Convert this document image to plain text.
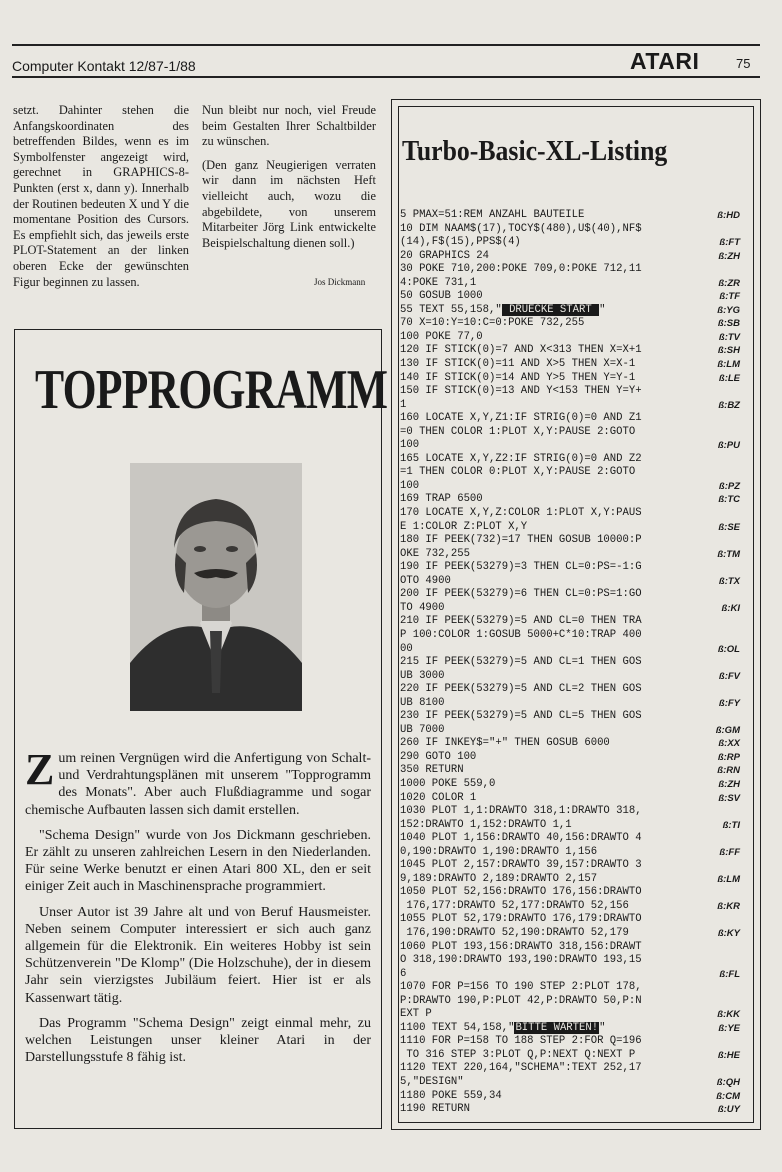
Computer Kontakt 12/87-1/88	ATARI	75

setzt. Dahinter stehen die Anfangskoordinaten des betreffenden Bildes, wenn es im Symbolfenster angezeigt wird, gerechnet in GRAPHICS-8-Punkten (erst x, dann y). Innerhalb der Routinen bedeuten X und Y die momentane Position des Cursors. Es empfiehlt sich, das jeweils erste PLOT-Statement an der linken oberen Ecke der gewünschten Figur beginnen zu lassen.

Nun bleibt nur noch, viel Freude beim Gestalten Ihrer Schaltbilder zu wünschen.

(Den ganz Neugierigen verraten wir dann im nächsten Heft vielleicht auch, wozu die abgebildete, von unserem Mitarbeiter Jörg Link entwickelte Beispielschaltung dienen soll.)

Jos Dickmann
TOPPROGRAMM

Zum reinen Vergnügen wird die Anfertigung von Schalt- und Verdrahtungsplänen mit unserem "Topprogramm des Monats". Aber auch Flußdiagramme und sogar chemische Aufbauten lassen sich damit erstellen.

"Schema Design" wurde von Jos Dickmann geschrieben. Er zählt zu unseren zahlreichen Lesern in den Niederlanden. Für seine Werke benutzt er einen Atari 800 XL, den er seit einiger Zeit auch in Maschinensprache programmiert.

Unser Autor ist 39 Jahre alt und von Beruf Hausmeister. Neben seinem Computer interessiert er sich auch ganz allgemein für die Elektronik. Ein weiteres Hobby ist sein Schützenverein "De Klomp" (Die Holzschuhe), der in diesem Jahr sein vierzigstes Jubiläum feiert. Hier ist er als Kassenwart tätig.

Das Programm "Schema Design" zeigt einmal mehr, zu welchen Leistungen unser kleiner Atari in der Darstellungsstufe 8 fähig ist.

Turbo-Basic-XL-Listing
5 PMAX=51:REM ANZAHL BAUTEILE	ß:HD
10 DIM NAAM$(17),TOCY$(480),U$(40),NF$
(14),F$(15),PPS$(4)	ß:FT
20 GRAPHICS 24	ß:ZH
30 POKE 710,200:POKE 709,0:POKE 712,11
4:POKE 731,1	ß:ZR
50 GOSUB 1000	ß:TF
55 TEXT 55,158," DRUECKE START "	ß:YG
70 X=10:Y=10:C=0:POKE 732,255	ß:SB
100 POKE 77,0	ß:TV
120 IF STICK(0)=7 AND X<313 THEN X=X+1	ß:SH
130 IF STICK(0)=11 AND X>5 THEN X=X-1	ß:LM
140 IF STICK(0)=14 AND Y>5 THEN Y=Y-1	ß:LE
150 IF STICK(0)=13 AND Y<153 THEN Y=Y+
1	ß:BZ
160 LOCATE X,Y,Z1:IF STRIG(0)=0 AND Z1
=0 THEN COLOR 1:PLOT X,Y:PAUSE 2:GOTO
100	ß:PU
165 LOCATE X,Y,Z2:IF STRIG(0)=0 AND Z2
=1 THEN COLOR 0:PLOT X,Y:PAUSE 2:GOTO
100	ß:PZ
169 TRAP 6500	ß:TC
170 LOCATE X,Y,Z:COLOR 1:PLOT X,Y:PAUS
E 1:COLOR Z:PLOT X,Y	ß:SE
180 IF PEEK(732)=17 THEN GOSUB 10000:P
OKE 732,255	ß:TM
190 IF PEEK(53279)=3 THEN CL=0:PS=-1:G
OTO 4900	ß:TX
200 IF PEEK(53279)=6 THEN CL=0:PS=1:GO
TO 4900	ß:KI
210 IF PEEK(53279)=5 AND CL=0 THEN TRA
P 100:COLOR 1:GOSUB 5000+C*10:TRAP 400
00	ß:OL
215 IF PEEK(53279)=5 AND CL=1 THEN GOS
UB 3000	ß:FV
220 IF PEEK(53279)=5 AND CL=2 THEN GOS
UB 8100	ß:FY
230 IF PEEK(53279)=5 AND CL=5 THEN GOS
UB 7000	ß:GM
260 IF INKEY$="+" THEN GOSUB 6000	ß:XX
290 GOTO 100	ß:RP
350 RETURN	ß:RN
1000 POKE 559,0	ß:ZH
1020 COLOR 1	ß:SV
1030 PLOT 1,1:DRAWTO 318,1:DRAWTO 318,
152:DRAWTO 1,152:DRAWTO 1,1	ß:TI
1040 PLOT 1,156:DRAWTO 40,156:DRAWTO 4
0,190:DRAWTO 1,190:DRAWTO 1,156	ß:FF
1045 PLOT 2,157:DRAWTO 39,157:DRAWTO 3
9,189:DRAWTO 2,189:DRAWTO 2,157	ß:LM
1050 PLOT 52,156:DRAWTO 176,156:DRAWTO
176,177:DRAWTO 52,177:DRAWTO 52,156	ß:KR
1055 PLOT 52,179:DRAWTO 176,179:DRAWTO
176,190:DRAWTO 52,190:DRAWTO 52,179	ß:KY
1060 PLOT 193,156:DRAWTO 318,156:DRAWT
O 318,190:DRAWTO 193,190:DRAWTO 193,15
6	ß:FL
1070 FOR P=156 TO 190 STEP 2:PLOT 178,
P:DRAWTO 190,P:PLOT 42,P:DRAWTO 50,P:N
EXT P	ß:KK
1100 TEXT 54,158,"BITTE WARTEN!"	ß:YE
1110 FOR P=158 TO 188 STEP 2:FOR Q=196
TO 316 STEP 3:PLOT Q,P:NEXT Q:NEXT P	ß:HE
1120 TEXT 220,164,"SCHEMA":TEXT 252,17
5,"DESIGN"	ß:QH
1180 POKE 559,34	ß:CM
1190 RETURN	ß:UY
